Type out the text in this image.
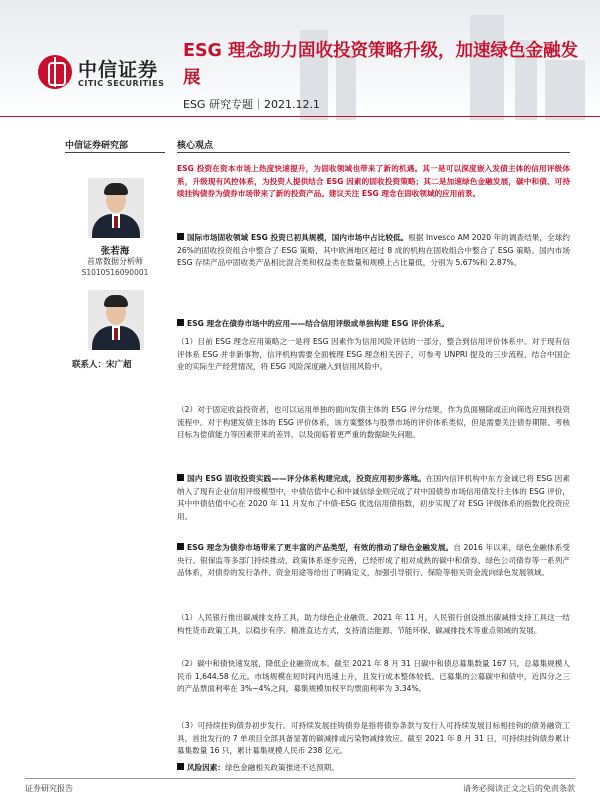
中信证券
CITIC SECURITIES
ESG 理念助力固收投资策略升级，加速绿色金融发展
ESG 研究专题｜2021.12.1
中信证券研究部
张若海
首席数据分析师
S1010516090001
联系人：宋广超
核心观点

ESG 投资在资本市场上热度快速提升，为固收领域也带来了新的机遇。其一是可以深度嵌入发债主体的信用评级体系，升级现有风控体系，为投资人提供结合 ESG 因素的固收投资策略；其二是加速绿色金融发展，碳中和债、可持续挂钩债券为债券市场带来了新的投资产品。建议关注 ESG 理念在固收领域的应用前景。

国际市场固收领域 ESG 投资已初具规模，国内市场中占比较低。根据 Invesco AM 2020 年的调查结果，全球约 26%的固收投资组合中整合了 ESG 策略，其中欧洲地区超过 8 成的机构在固收组合中整合了 ESG 策略。国内市场 ESG 存续产品中固收类产品相比混合类和权益类在数量和规模上占比量低，分别为 5.67%和 2.87%。

ESG 理念在债券市场中的应用——结合信用评级或单独构建 ESG 评价体系。

（1）目前 ESG 理念应用策略之一是将 ESG 因素作为信用风险评估的一部分，整合到信用评价体系中。对于现有信评体系 ESG 并非新事物，信评机构需要全面梳理 ESG 理念相关因子，可参考 UNPRI 提及的三步流程，结合中国企业的实际生产经营情况，将 ESG 风险深度融入到信用风险中。

（2）对于固定收益投资者，也可以运用单独的面向发债主体的 ESG 评分结果，作为负面剔除或正向筛选应用到投资流程中。对于构建发债主体的 ESG 评价体系，该方案整体与股票市场的评价体系类似，但是需要关注债券期限、考核目标为偿债能力等因素带来的差异，以及面临着更严重的数据缺失问题。

国内 ESG 固收投资实践——评分体系构建完成，投资应用初步落地。在国内信评机构中东方金诚已将 ESG 因素纳入了现有企业信用评级模型中，中债估值中心和中诚信绿金则完成了对中国债券市场信用债发行主体的 ESG 评价，其中中债估值中心在 2020 年 11 月发布了中债-ESG 优选信用债指数，初步实现了对 ESG 评级体系的指数化投资应用。

ESG 理念为债券市场带来了更丰富的产品类型，有效的推动了绿色金融发展。自 2016 年以来，绿色金融体系受央行、银保监等多部门持续推动，政策体系逐步完善，已经形成了相对成熟的碳中和债券、绿色公司债券等一系列产品体系，对债券的发行条件、资金用途等给出了明确定义，加强引导银行、保险等相关资金流向绿色发展领域。

（1）人民银行推出碳减排支持工具，助力绿色企业融资。2021 年 11 月，人民银行创设推出碳减排支持工具这一结构性货币政策工具，以稳步有序、精准直达方式，支持清洁能源、节能环保、碳减排技术等重点领域的发展。

（2）碳中和债快速发展，降低企业融资成本。截至 2021 年 8 月 31 日碳中和债总募集数量 167 只，总募集规模人民币 1,644.58 亿元。市场规模在短时间内迅速上升，且发行成本整体较低。已募集的公募碳中和债中，近四分之三的产品票面利率在 3%~4%之间，募集规模加权平均票面利率为 3.34%。

（3）可持续挂钩债券初步发行。可持续发展挂钩债券是指将债券条款与发行人可持续发展目标相挂钩的债务融资工具，首批发行的 7 单项目全部具备显著的碳减排或污染物减排效应。截至 2021 年 8 月 31 日，可持续挂钩债券累计募集数量 16 只，累计募集规模人民币 238 亿元。

风险因素：绿色金融相关政策推进不达预期。

证券研究报告	请务必阅读正文之后的免责条款
